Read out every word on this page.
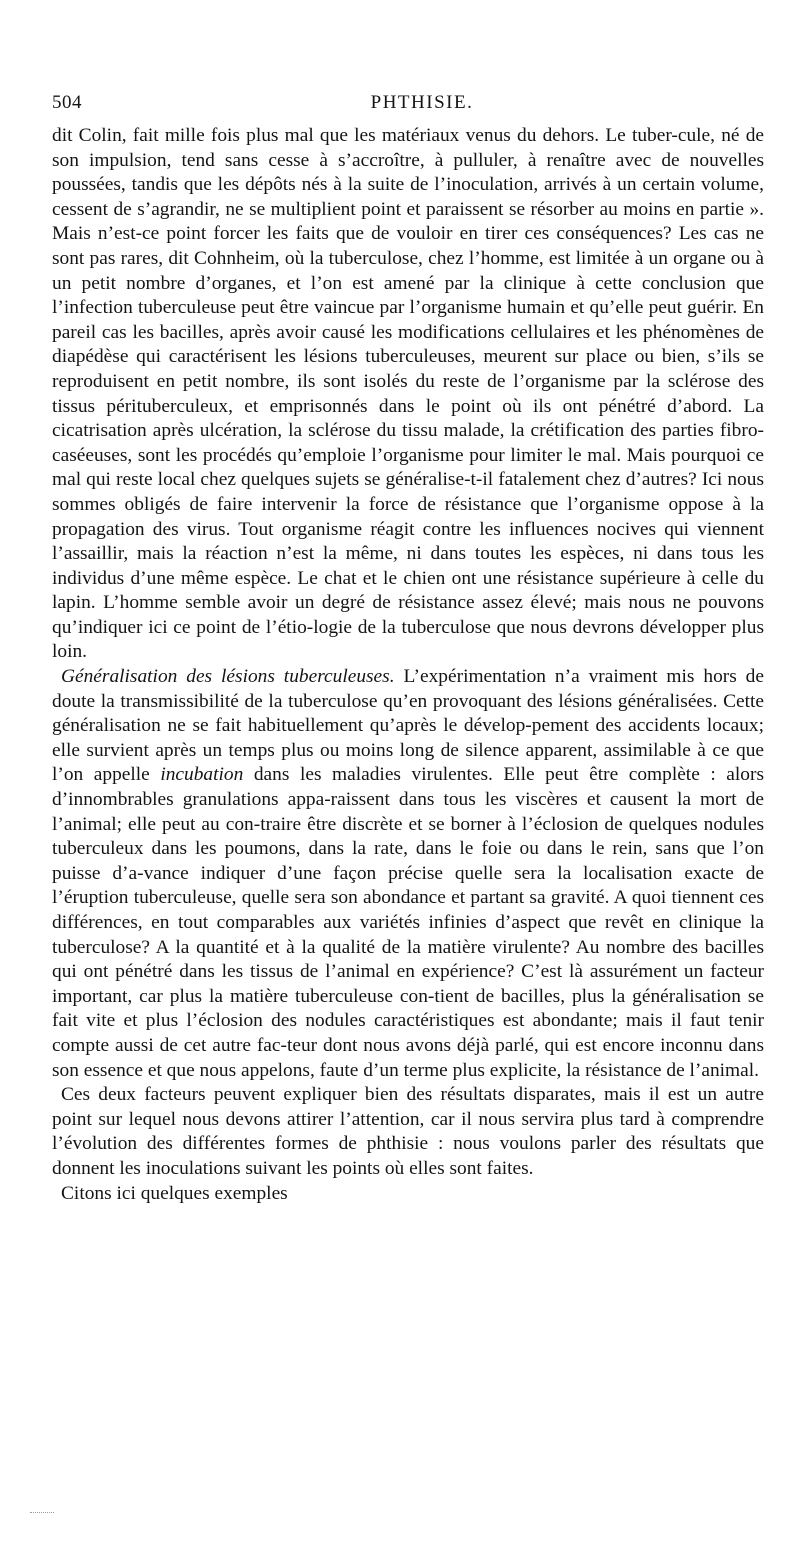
504	PHTHISIE.

dit Colin, fait mille fois plus mal que les matériaux venus du dehors. Le tuber-cule, né de son impulsion, tend sans cesse à s’accroître, à pulluler, à renaître avec de nouvelles poussées, tandis que les dépôts nés à la suite de l’inoculation, arrivés à un certain volume, cessent de s’agrandir, ne se multiplient point et paraissent se résorber au moins en partie ». Mais n’est-ce point forcer les faits que de vouloir en tirer ces conséquences? Les cas ne sont pas rares, dit Cohnheim, où la tuberculose, chez l’homme, est limitée à un organe ou à un petit nombre d’organes, et l’on est amené par la clinique à cette conclusion que l’infection tuberculeuse peut être vaincue par l’organisme humain et qu’elle peut guérir. En pareil cas les bacilles, après avoir causé les modifications cellulaires et les phénomènes de diapédèse qui caractérisent les lésions tuberculeuses, meurent sur place ou bien, s’ils se reproduisent en petit nombre, ils sont isolés du reste de l’organisme par la sclérose des tissus pérituberculeux, et emprisonnés dans le point où ils ont pénétré d’abord. La cicatrisation après ulcération, la sclérose du tissu malade, la crétification des parties fibro-caséeuses, sont les procédés qu’emploie l’organisme pour limiter le mal. Mais pourquoi ce mal qui reste local chez quelques sujets se généralise-t-il fatalement chez d’autres? Ici nous sommes obligés de faire intervenir la force de résistance que l’organisme oppose à la propagation des virus. Tout organisme réagit contre les influences nocives qui viennent l’assaillir, mais la réaction n’est la même, ni dans toutes les espèces, ni dans tous les individus d’une même espèce. Le chat et le chien ont une résistance supérieure à celle du lapin. L’homme semble avoir un degré de résistance assez élevé; mais nous ne pouvons qu’indiquer ici ce point de l’étio-logie de la tuberculose que nous devrons développer plus loin.

Généralisation des lésions tuberculeuses. L’expérimentation n’a vraiment mis hors de doute la transmissibilité de la tuberculose qu’en provoquant des lésions généralisées. Cette généralisation ne se fait habituellement qu’après le dévelop-pement des accidents locaux; elle survient après un temps plus ou moins long de silence apparent, assimilable à ce que l’on appelle incubation dans les maladies virulentes. Elle peut être complète : alors d’innombrables granulations appa-raissent dans tous les viscères et causent la mort de l’animal; elle peut au con-traire être discrète et se borner à l’éclosion de quelques nodules tuberculeux dans les poumons, dans la rate, dans le foie ou dans le rein, sans que l’on puisse d’a-vance indiquer d’une façon précise quelle sera la localisation exacte de l’éruption tuberculeuse, quelle sera son abondance et partant sa gravité. A quoi tiennent ces différences, en tout comparables aux variétés infinies d’aspect que revêt en clinique la tuberculose? A la quantité et à la qualité de la matière virulente? Au nombre des bacilles qui ont pénétré dans les tissus de l’animal en expérience? C’est là assurément un facteur important, car plus la matière tuberculeuse con-tient de bacilles, plus la généralisation se fait vite et plus l’éclosion des nodules caractéristiques est abondante; mais il faut tenir compte aussi de cet autre fac-teur dont nous avons déjà parlé, qui est encore inconnu dans son essence et que nous appelons, faute d’un terme plus explicite, la résistance de l’animal.

Ces deux facteurs peuvent expliquer bien des résultats disparates, mais il est un autre point sur lequel nous devons attirer l’attention, car il nous servira plus tard à comprendre l’évolution des différentes formes de phthisie : nous voulons parler des résultats que donnent les inoculations suivant les points où elles sont faites.

Citons ici quelques exemples
